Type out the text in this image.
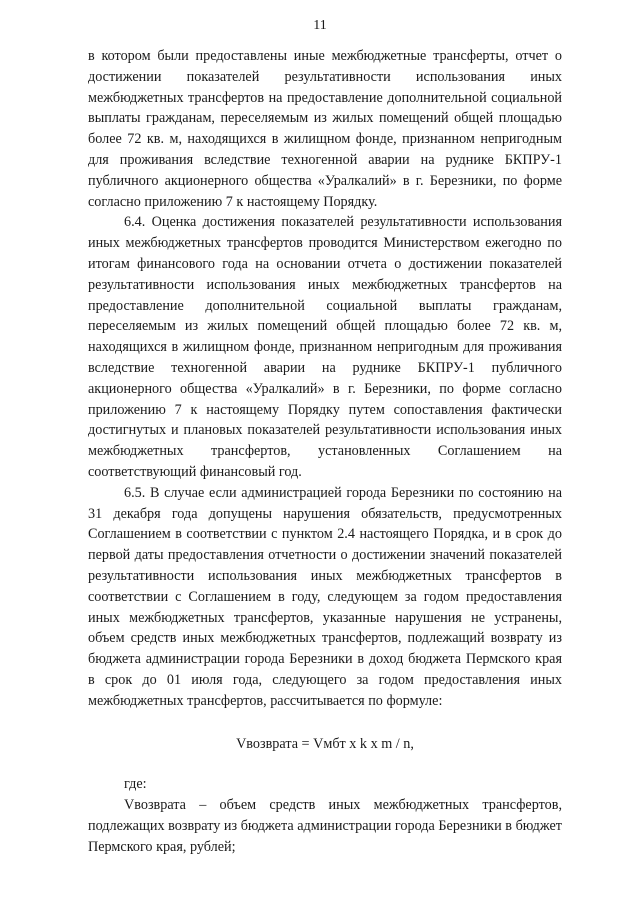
11

в котором были предоставлены иные межбюджетные трансферты, отчет о достижении показателей результативности использования иных межбюджетных трансфертов на предоставление дополнительной социальной выплаты гражданам, переселяемым из жилых помещений общей площадью более 72 кв. м, находящихся в жилищном фонде, признанном непригодным для проживания вследствие техногенной аварии на руднике БКПРУ-1 публичного акционерного общества «Уралкалий» в г. Березники, по форме согласно приложению 7 к настоящему Порядку.

6.4. Оценка достижения показателей результативности использования иных межбюджетных трансфертов проводится Министерством ежегодно по итогам финансового года на основании отчета о достижении показателей результативности использования иных межбюджетных трансфертов на предоставление дополнительной социальной выплаты гражданам, переселяемым из жилых помещений общей площадью более 72 кв. м, находящихся в жилищном фонде, признанном непригодным для проживания вследствие техногенной аварии на руднике БКПРУ-1 публичного акционерного общества «Уралкалий» в г. Березники, по форме согласно приложению 7 к настоящему Порядку путем сопоставления фактически достигнутых и плановых показателей результативности использования иных межбюджетных трансфертов, установленных Соглашением на соответствующий финансовый год.

6.5. В случае если администрацией города Березники по состоянию на 31 декабря года допущены нарушения обязательств, предусмотренных Соглашением в соответствии с пунктом 2.4 настоящего Порядка, и в срок до первой даты предоставления отчетности о достижении значений показателей результативности использования иных межбюджетных трансфертов в соответствии с Соглашением в году, следующем за годом предоставления иных межбюджетных трансфертов, указанные нарушения не устранены, объем средств иных межбюджетных трансфертов, подлежащий возврату из бюджета администрации города Березники в доход бюджета Пермского края в срок до 01 июля года, следующего за годом предоставления иных межбюджетных трансфертов, рассчитывается по формуле:

Vвозврата = Vмбт x k x m / n,

где:

Vвозврата – объем средств иных межбюджетных трансфертов, подлежащих возврату из бюджета администрации города Березники в бюджет Пермского края, рублей;
